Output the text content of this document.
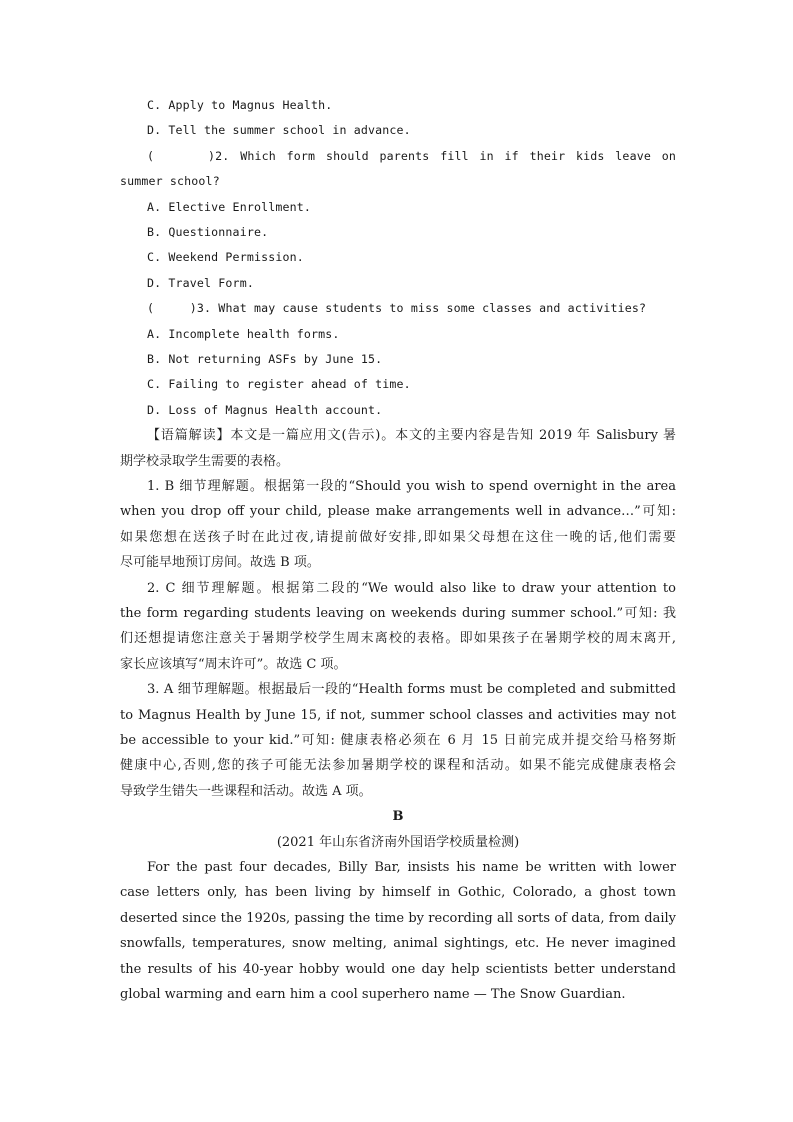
C. Apply to Magnus Health.
D. Tell the summer school in advance.
(     )2. Which form should parents fill in if their kids leave on
summer school?
A. Elective Enrollment.
B. Questionnaire.
C. Weekend Permission.
D. Travel Form.
(     )3. What may cause students to miss some classes and activities?
A. Incomplete health forms.
B. Not returning ASFs by June 15.
C. Failing to register ahead of time.
D. Loss of Magnus Health account.
【语篇解读】本文是一篇应用文(告示)。本文的主要内容是告知 2019 年 Salisbury 暑
期学校录取学生需要的表格。
1. B 细节理解题。根据第一段的“Should you wish to spend overnight in the area
when you drop off your child, please make arrangements well in advance…”可知:
如果您想在送孩子时在此过夜,请提前做好安排,即如果父母想在这住一晚的话,他们需要
尽可能早地预订房间。故选 B 项。
2. C 细节理解题。根据第二段的“We would also like to draw your attention to
the form regarding students leaving on weekends during summer school.”可知: 我
们还想提请您注意关于暑期学校学生周末离校的表格。即如果孩子在暑期学校的周末离开,
家长应该填写“周末许可”。故选 C 项。
3. A 细节理解题。根据最后一段的“Health forms must be completed and submitted
to Magnus Health by June 15, if not, summer school classes and activities may not
be accessible to your kid.”可知: 健康表格必须在 6 月 15 日前完成并提交给马格努斯
健康中心,否则,您的孩子可能无法参加暑期学校的课程和活动。如果不能完成健康表格会
导致学生错失一些课程和活动。故选 A 项。
B
(2021 年山东省济南外国语学校质量检测)
For the past four decades, Billy Bar, insists his name be written with lower
case letters only, has been living by himself in Gothic, Colorado, a ghost town
deserted since the 1920s, passing the time by recording all sorts of data, from daily
snowfalls, temperatures, snow melting, animal sightings, etc. He never imagined
the results of his 40-year hobby would one day help scientists better understand
global warming and earn him a cool superhero name — The Snow Guardian.
